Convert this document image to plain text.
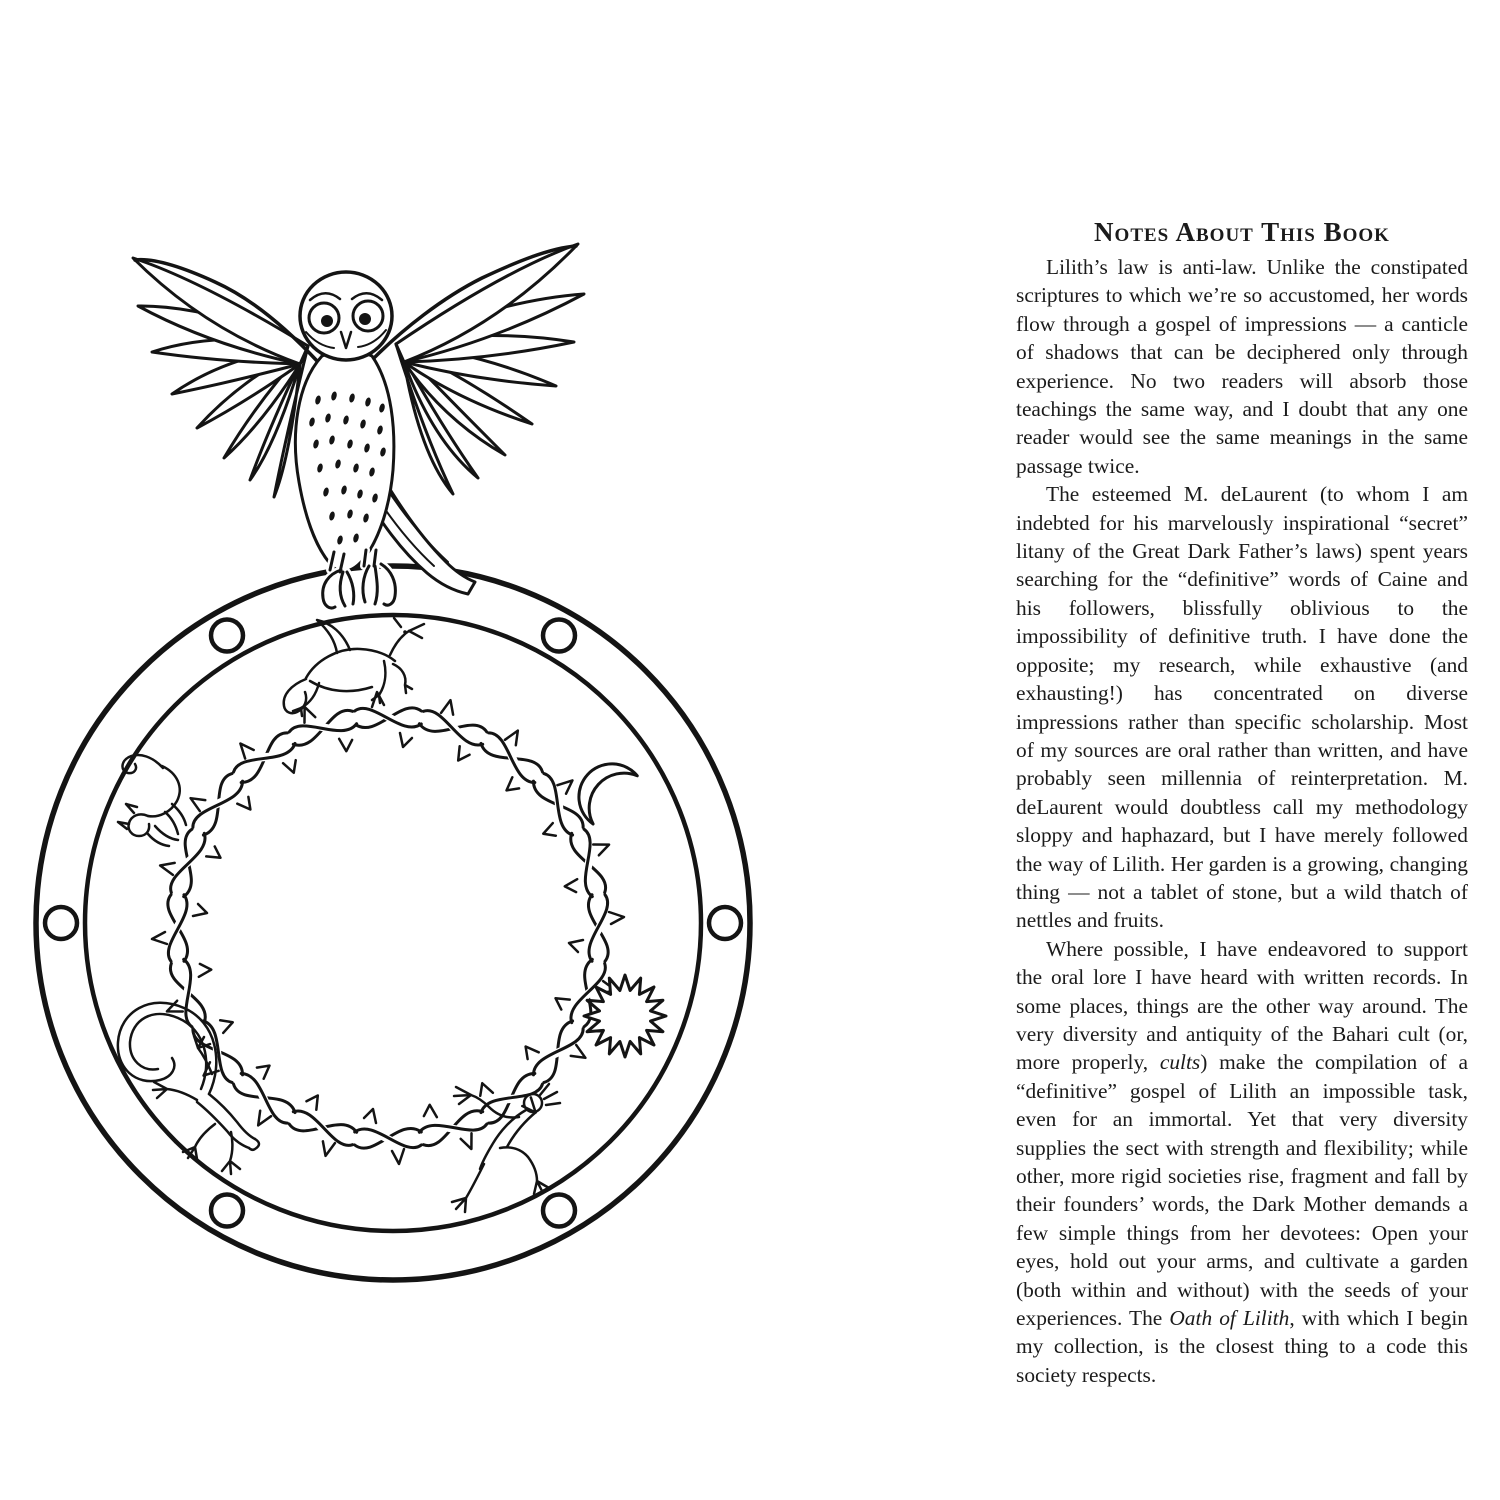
Notes About This Book

Lilith’s law is anti-law. Unlike the constipated scriptures to which we’re so accustomed, her words flow through a gospel of impressions — a canticle of shadows that can be deciphered only through experience. No two readers will absorb those teachings the same way, and I doubt that any one reader would see the same meanings in the same passage twice.

The esteemed M. deLaurent (to whom I am indebted for his marvelously inspirational “secret” litany of the Great Dark Father’s laws) spent years searching for the “definitive” words of Caine and his followers, blissfully oblivious to the impossibility of definitive truth. I have done the opposite; my research, while exhaustive (and exhausting!) has concentrated on diverse impressions rather than specific scholarship. Most of my sources are oral rather than written, and have probably seen millennia of reinterpretation. M. deLaurent would doubtless call my methodology sloppy and haphazard, but I have merely followed the way of Lilith. Her garden is a growing, changing thing — not a tablet of stone, but a wild thatch of nettles and fruits.

Where possible, I have endeavored to support the oral lore I have heard with written records. In some places, things are the other way around. The very diversity and antiquity of the Bahari cult (or, more properly, cults) make the compilation of a “definitive” gospel of Lilith an impossible task, even for an immortal. Yet that very diversity supplies the sect with strength and flexibility; while other, more rigid societies rise, fragment and fall by their founders’ words, the Dark Mother demands a few simple things from her devotees: Open your eyes, hold out your arms, and cultivate a garden (both within and without) with the seeds of your experiences. The Oath of Lilith, with which I begin my collection, is the closest thing to a code this society respects.
